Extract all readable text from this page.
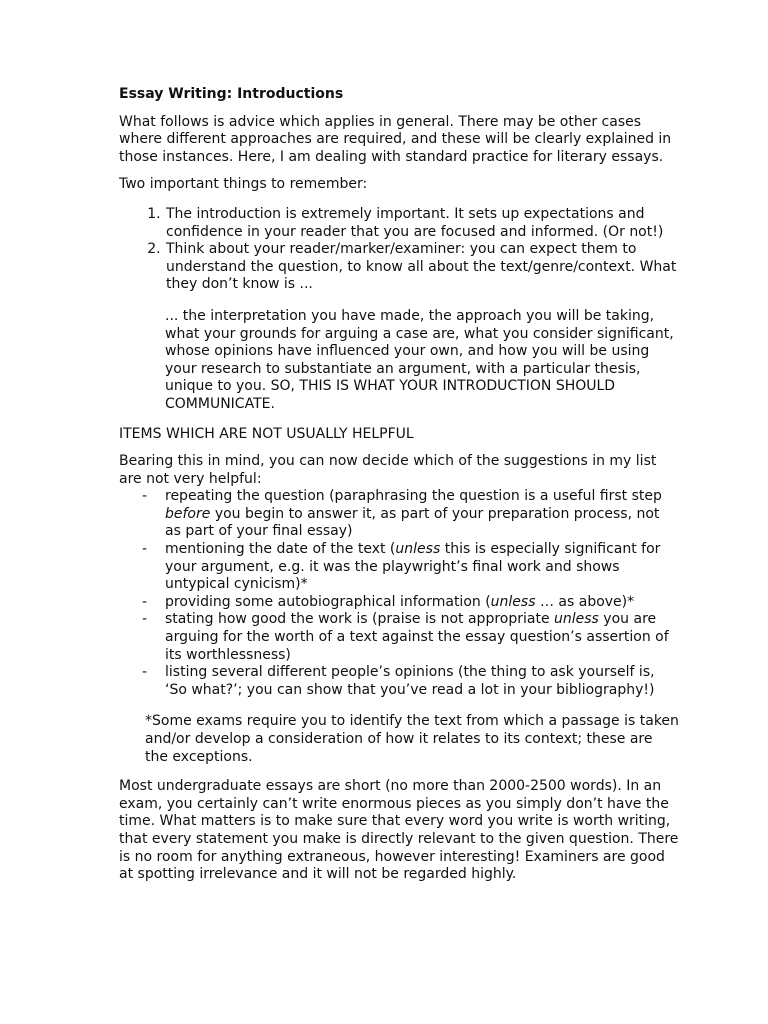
Essay Writing: Introductions

What follows is advice which applies in general. There may be other cases where different approaches are required, and these will be clearly explained in those instances. Here, I am dealing with standard practice for literary essays.

Two important things to remember:

1. The introduction is extremely important. It sets up expectations and confidence in your reader that you are focused and informed. (Or not!)
2. Think about your reader/marker/examiner: you can expect them to understand the question, to know all about the text/genre/context. What they don’t know is ...

... the interpretation you have made, the approach you will be taking, what your grounds for arguing a case are, what you consider significant, whose opinions have influenced your own, and how you will be using your research to substantiate an argument, with a particular thesis, unique to you. SO, THIS IS WHAT YOUR INTRODUCTION SHOULD COMMUNICATE.

ITEMS WHICH ARE NOT USUALLY HELPFUL

Bearing this in mind, you can now decide which of the suggestions in my list are not very helpful:

- repeating the question (paraphrasing the question is a useful first step before you begin to answer it, as part of your preparation process, not as part of your final essay)
- mentioning the date of the text (unless this is especially significant for your argument, e.g. it was the playwright’s final work and shows untypical cynicism)*
- providing some autobiographical information (unless … as above)*
- stating how good the work is (praise is not appropriate unless you are arguing for the worth of a text against the essay question’s assertion of its worthlessness)
- listing several different people’s opinions (the thing to ask yourself is, ‘So what?’; you can show that you’ve read a lot in your bibliography!)

*Some exams require you to identify the text from which a passage is taken and/or develop a consideration of how it relates to its context; these are the exceptions.

Most undergraduate essays are short (no more than 2000-2500 words). In an exam, you certainly can’t write enormous pieces as you simply don’t have the time. What matters is to make sure that every word you write is worth writing, that every statement you make is directly relevant to the given question. There is no room for anything extraneous, however interesting! Examiners are good at spotting irrelevance and it will not be regarded highly.
